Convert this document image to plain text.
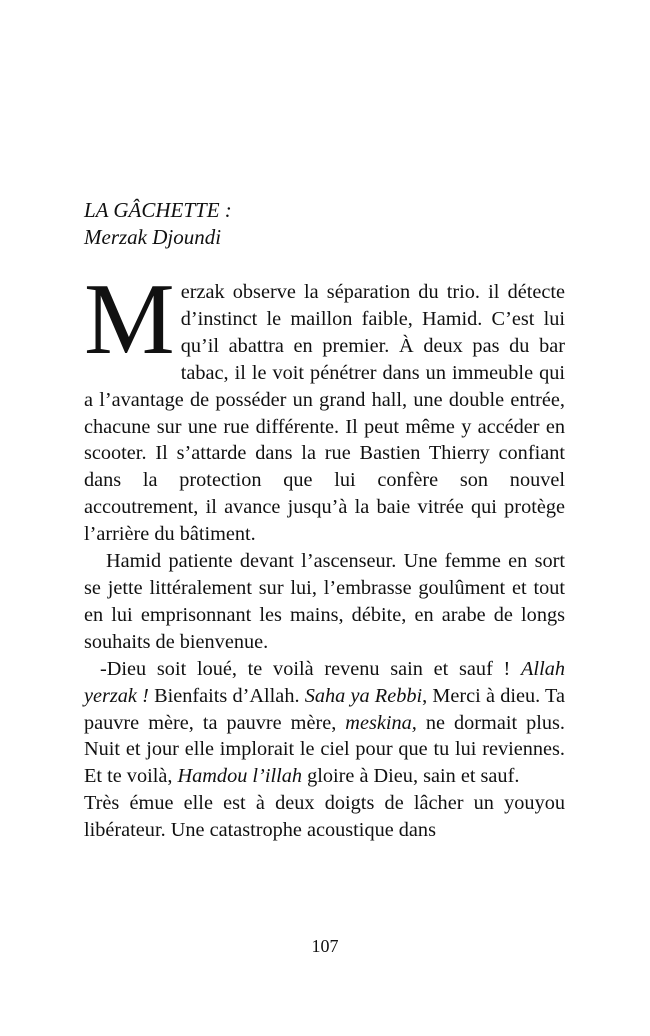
LA GÂCHETTE :
Merzak Djoundi

Merzak observe la séparation du trio. il détecte d’instinct le maillon faible, Hamid. C’est lui qu’il abattra en premier. À deux pas du bar tabac, il le voit pénétrer dans un immeuble qui a l’avantage de posséder un grand hall, une double entrée, chacune sur une rue différente. Il peut même y accéder en scooter. Il s’attarde dans la rue Bastien Thierry confiant dans la protection que lui confère son nouvel accoutrement, il avance jusqu’à la baie vitrée qui protège l’arrière du bâtiment.

Hamid patiente devant l’ascenseur. Une femme en sort se jette littéralement sur lui, l’embrasse goulûment et tout en lui emprisonnant les mains, débite, en arabe de longs souhaits de bienvenue.

-Dieu soit loué, te voilà revenu sain et sauf ! Allah yerzak ! Bienfaits d’Allah. Saha ya Rebbi, Merci à dieu. Ta pauvre mère, ta pauvre mère, meskina, ne dormait plus. Nuit et jour elle implorait le ciel pour que tu lui reviennes. Et te voilà, Hamdou l’illah gloire à Dieu, sain et sauf.

Très émue elle est à deux doigts de lâcher un youyou libérateur. Une catastrophe acoustique dans

107
